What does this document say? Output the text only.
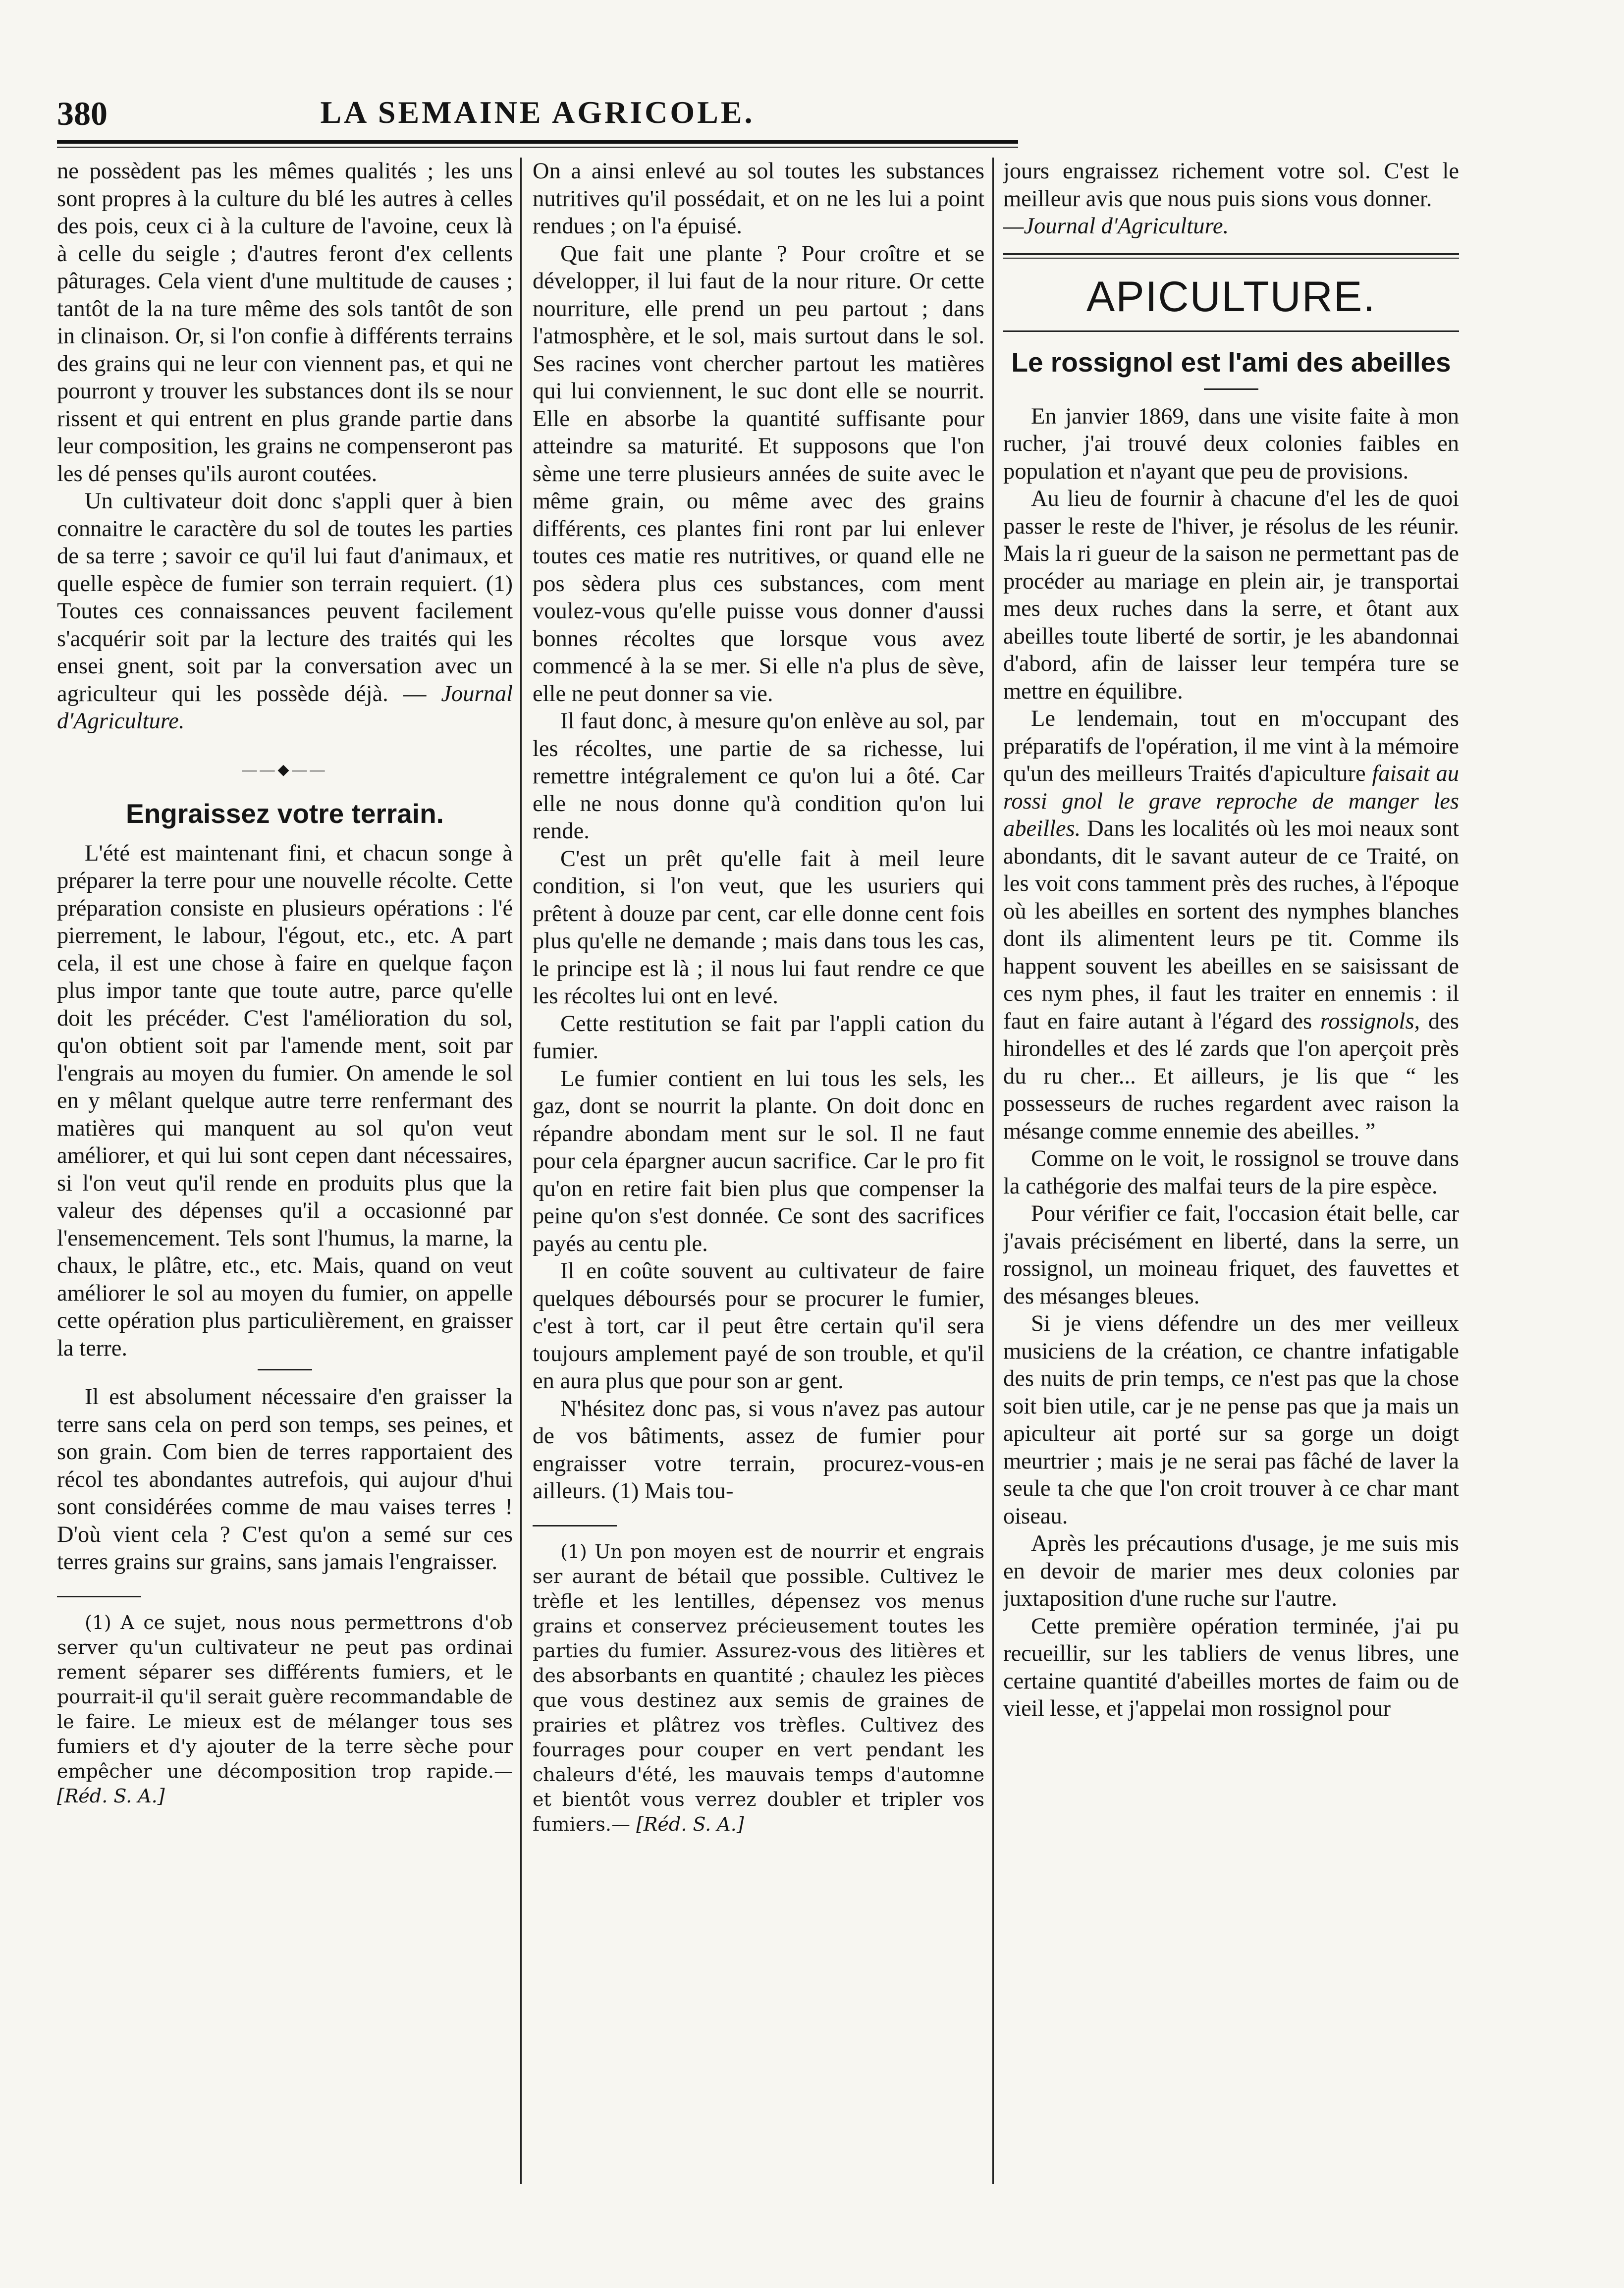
380	LA SEMAINE AGRICOLE.

ne possèdent pas les mêmes qualités ; les uns sont propres à la culture du blé les autres à celles des pois, ceux ci à la culture de l'avoine, ceux là à celle du seigle ; d'autres feront d'ex cellents pâturages. Cela vient d'une multitude de causes ; tantôt de la na ture même des sols tantôt de son in clinaison. Or, si l'on confie à différents terrains des grains qui ne leur con viennent pas, et qui ne pourront y trouver les substances dont ils se nour rissent et qui entrent en plus grande partie dans leur composition, les grains ne compenseront pas les dé penses qu'ils auront coutées.

Un cultivateur doit donc s'appli quer à bien connaitre le caractère du sol de toutes les parties de sa terre ; savoir ce qu'il lui faut d'animaux, et quelle espèce de fumier son terrain requiert. (1) Toutes ces connaissances peuvent facilement s'acquérir soit par la lecture des traités qui les ensei gnent, soit par la conversation avec un agriculteur qui les possède déjà. — Journal d'Agriculture.

——◆——
Engraissez votre terrain.

L'été est maintenant fini, et chacun songe à préparer la terre pour une nouvelle récolte. Cette préparation consiste en plusieurs opérations : l'é pierrement, le labour, l'égout, etc., etc. A part cela, il est une chose à faire en quelque façon plus impor tante que toute autre, parce qu'elle doit les précéder. C'est l'amélioration du sol, qu'on obtient soit par l'amende ment, soit par l'engrais au moyen du fumier. On amende le sol en y mêlant quelque autre terre renfermant des matières qui manquent au sol qu'on veut améliorer, et qui lui sont cepen dant nécessaires, si l'on veut qu'il rende en produits plus que la valeur des dépenses qu'il a occasionné par l'ensemencement. Tels sont l'humus, la marne, la chaux, le plâtre, etc., etc. Mais, quand on veut améliorer le sol au moyen du fumier, on appelle cette opération plus particulièrement, en graisser la terre.

Il est absolument nécessaire d'en graisser la terre sans cela on perd son temps, ses peines, et son grain. Com bien de terres rapportaient des récol tes abondantes autrefois, qui aujour d'hui sont considérées comme de mau vaises terres ! D'où vient cela ? C'est qu'on a semé sur ces terres grains sur grains, sans jamais l'engraisser.

(1) A ce sujet, nous nous permettrons d'ob server qu'un cultivateur ne peut pas ordinai rement séparer ses différents fumiers, et le pourrait-il qu'il serait guère recommandable de le faire. Le mieux est de mélanger tous ses fumiers et d'y ajouter de la terre sèche pour empêcher une décomposition trop rapide.— [Réd. S. A.]

On a ainsi enlevé au sol toutes les substances nutritives qu'il possédait, et on ne les lui a point rendues ; on l'a épuisé.

Que fait une plante ? Pour croître et se développer, il lui faut de la nour riture. Or cette nourriture, elle prend un peu partout ; dans l'atmosphère, et le sol, mais surtout dans le sol. Ses racines vont chercher partout les matières qui lui conviennent, le suc dont elle se nourrit. Elle en absorbe la quantité suffisante pour atteindre sa maturité. Et supposons que l'on sème une terre plusieurs années de suite avec le même grain, ou même avec des grains différents, ces plantes fini ront par lui enlever toutes ces matie res nutritives, or quand elle ne pos sèdera plus ces substances, com ment voulez-vous qu'elle puisse vous donner d'aussi bonnes récoltes que lorsque vous avez commencé à la se mer. Si elle n'a plus de sève, elle ne peut donner sa vie.

Il faut donc, à mesure qu'on enlève au sol, par les récoltes, une partie de sa richesse, lui remettre intégralement ce qu'on lui a ôté. Car elle ne nous donne qu'à condition qu'on lui rende.

C'est un prêt qu'elle fait à meil leure condition, si l'on veut, que les usuriers qui prêtent à douze par cent, car elle donne cent fois plus qu'elle ne demande ; mais dans tous les cas, le principe est là ; il nous lui faut rendre ce que les récoltes lui ont en levé.

Cette restitution se fait par l'appli cation du fumier.

Le fumier contient en lui tous les sels, les gaz, dont se nourrit la plante. On doit donc en répandre abondam ment sur le sol. Il ne faut pour cela épargner aucun sacrifice. Car le pro fit qu'on en retire fait bien plus que compenser la peine qu'on s'est donnée. Ce sont des sacrifices payés au centu ple.

Il en coûte souvent au cultivateur de faire quelques déboursés pour se procurer le fumier, c'est à tort, car il peut être certain qu'il sera toujours amplement payé de son trouble, et qu'il en aura plus que pour son ar gent.

N'hésitez donc pas, si vous n'avez pas autour de vos bâtiments, assez de fumier pour engraisser votre terrain, procurez-vous-en ailleurs. (1) Mais tou-

(1) Un pon moyen est de nourrir et engrais ser aurant de bétail que possible. Cultivez le trèfle et les lentilles, dépensez vos menus grains et conservez précieusement toutes les parties du fumier. Assurez-vous des litières et des absorbants en quantité ; chaulez les pièces que vous destinez aux semis de graines de prairies et plâtrez vos trèfles. Cultivez des fourrages pour couper en vert pendant les chaleurs d'été, les mauvais temps d'automne et bientôt vous verrez doubler et tripler vos fumiers.— [Réd. S. A.]

jours engraissez richement votre sol. C'est le meilleur avis que nous puis sions vous donner.

—Journal d'Agriculture.

APICULTURE.
Le rossignol est l'ami des abeilles

En janvier 1869, dans une visite faite à mon rucher, j'ai trouvé deux colonies faibles en population et n'ayant que peu de provisions.

Au lieu de fournir à chacune d'el les de quoi passer le reste de l'hiver, je résolus de les réunir. Mais la ri gueur de la saison ne permettant pas de procéder au mariage en plein air, je transportai mes deux ruches dans la serre, et ôtant aux abeilles toute liberté de sortir, je les abandonnai d'abord, afin de laisser leur tempéra ture se mettre en équilibre.

Le lendemain, tout en m'occupant des préparatifs de l'opération, il me vint à la mémoire qu'un des meilleurs Traités d'apiculture faisait au rossi gnol le grave reproche de manger les abeilles. Dans les localités où les moi neaux sont abondants, dit le savant auteur de ce Traité, on les voit cons tamment près des ruches, à l'époque où les abeilles en sortent des nymphes blanches dont ils alimentent leurs pe tit. Comme ils happent souvent les abeilles en se saisissant de ces nym phes, il faut les traiter en ennemis : il faut en faire autant à l'égard des rossignols, des hirondelles et des lé zards que l'on aperçoit près du ru cher... Et ailleurs, je lis que “ les possesseurs de ruches regardent avec raison la mésange comme ennemie des abeilles. ”

Comme on le voit, le rossignol se trouve dans la cathégorie des malfai teurs de la pire espèce.

Pour vérifier ce fait, l'occasion était belle, car j'avais précisément en liberté, dans la serre, un rossignol, un moineau friquet, des fauvettes et des mésanges bleues.

Si je viens défendre un des mer veilleux musiciens de la création, ce chantre infatigable des nuits de prin temps, ce n'est pas que la chose soit bien utile, car je ne pense pas que ja mais un apiculteur ait porté sur sa gorge un doigt meurtrier ; mais je ne serai pas fâché de laver la seule ta che que l'on croit trouver à ce char mant oiseau.

Après les précautions d'usage, je me suis mis en devoir de marier mes deux colonies par juxtaposition d'une ruche sur l'autre.

Cette première opération terminée, j'ai pu recueillir, sur les tabliers de venus libres, une certaine quantité d'abeilles mortes de faim ou de vieil lesse, et j'appelai mon rossignol pour
